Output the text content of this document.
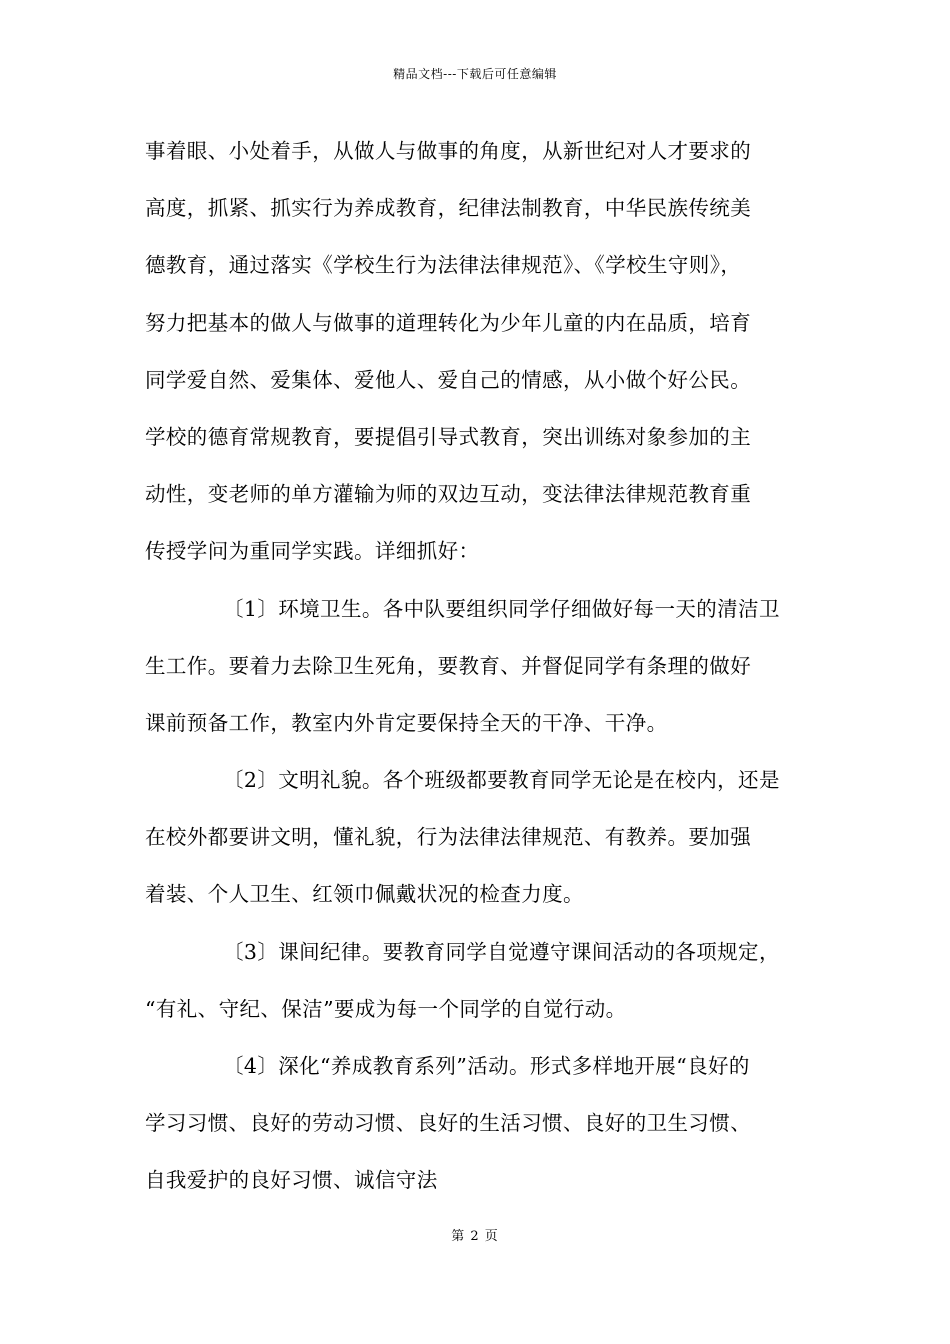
精品文档---下载后可任意编辑
事着眼、小处着手，从做人与做事的角度，从新世纪对人才要求的
高度，抓紧、抓实行为养成教育，纪律法制教育，中华民族传统美
德教育，通过落实《学校生行为法律法律规范》、《学校生守则》，
努力把基本的做人与做事的道理转化为少年儿童的内在品质，培育
同学爱自然、爱集体、爱他人、爱自己的情感，从小做个好公民。
学校的德育常规教育，要提倡引导式教育，突出训练对象参加的主
动性，变老师的单方灌输为师的双边互动，变法律法律规范教育重
传授学问为重同学实践。详细抓好：
〔1〕环境卫生。各中队要组织同学仔细做好每一天的清洁卫
生工作。要着力去除卫生死角，要教育、并督促同学有条理的做好
课前预备工作，教室内外肯定要保持全天的干净、干净。
〔2〕文明礼貌。各个班级都要教育同学无论是在校内，还是
在校外都要讲文明，懂礼貌，行为法律法律规范、有教养。要加强
着装、个人卫生、红领巾佩戴状况的检查力度。
〔3〕课间纪律。要教育同学自觉遵守课间活动的各项规定，
“有礼、守纪、保洁”要成为每一个同学的自觉行动。
〔4〕深化“养成教育系列”活动。形式多样地开展“良好的
学习习惯、良好的劳动习惯、良好的生活习惯、良好的卫生习惯、
自我爱护的良好习惯、诚信守法
第 2 页
